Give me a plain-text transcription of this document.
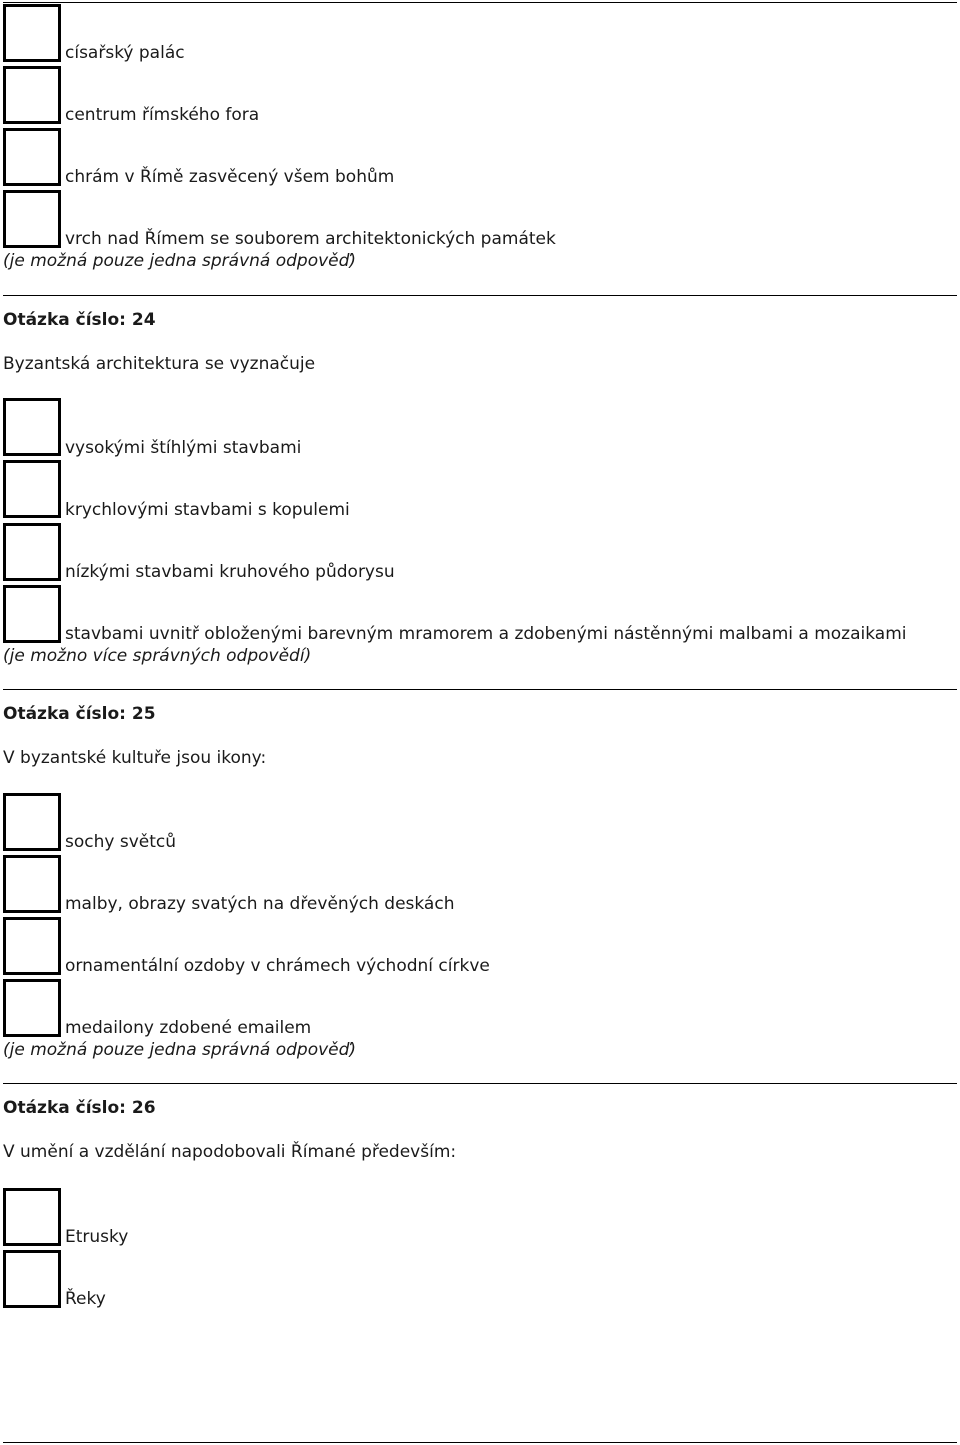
císařský palác
centrum římského fora
chrám v Římě zasvěcený všem bohům
vrch nad Římem se souborem architektonických památek
(je možná pouze jedna správná odpověď)
Otázka číslo: 24
Byzantská architektura se vyznačuje
vysokými štíhlými stavbami
krychlovými stavbami s kopulemi
nízkými stavbami kruhového půdorysu
stavbami uvnitř obloženými barevným mramorem a zdobenými nástěnnými malbami a mozaikami
(je možno více správných odpovědí)
Otázka číslo: 25
V byzantské kultuře jsou ikony:
sochy světců
malby, obrazy svatých na dřevěných deskách
ornamentální ozdoby v chrámech východní církve
medailony zdobené emailem
(je možná pouze jedna správná odpověď)
Otázka číslo: 26
V umění a vzdělání napodobovali Římané především:
Etrusky
Řeky
